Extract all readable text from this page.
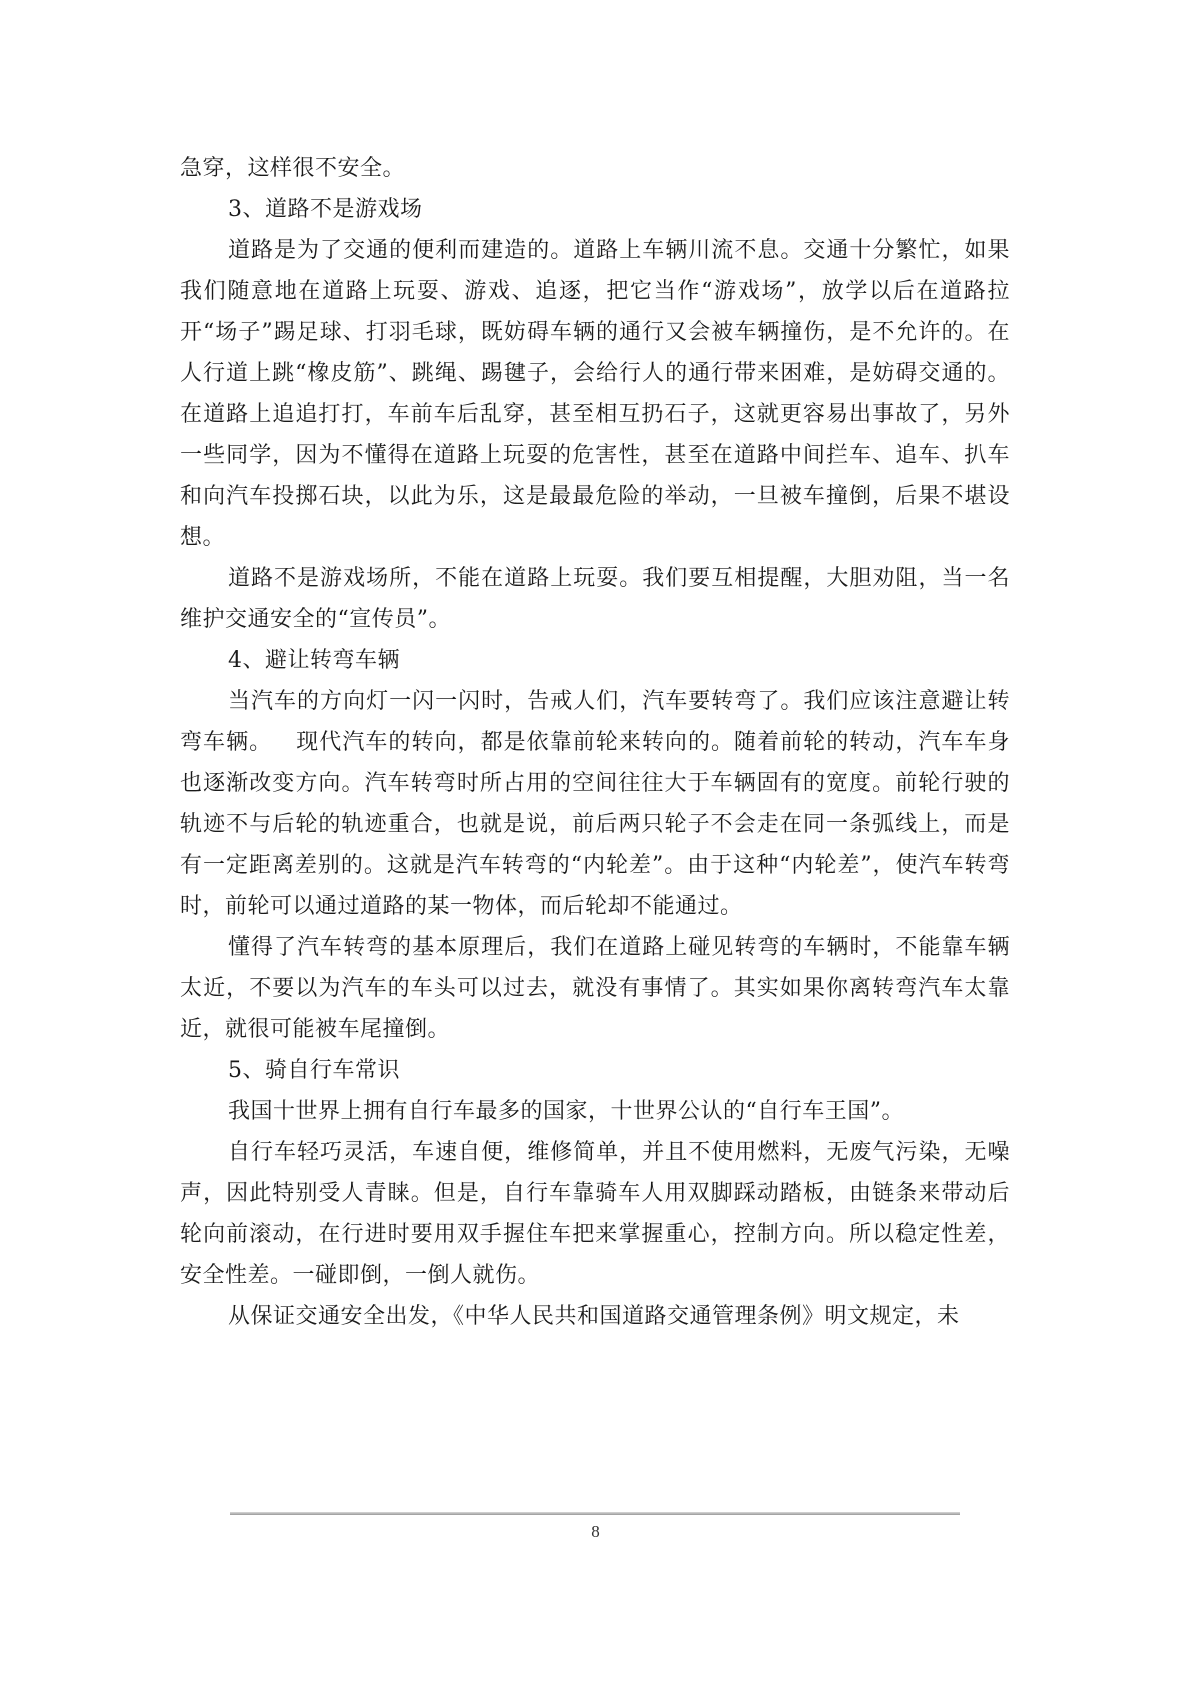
急穿，这样很不安全。

3、道路不是游戏场

道路是为了交通的便利而建造的。道路上车辆川流不息。交通十分繁忙，如果我们随意地在道路上玩耍、游戏、追逐，把它当作“游戏场”，放学以后在道路拉开“场子”踢足球、打羽毛球，既妨碍车辆的通行又会被车辆撞伤，是不允许的。在人行道上跳“橡皮筋”、跳绳、踢毽子，会给行人的通行带来困难，是妨碍交通的。在道路上追追打打，车前车后乱穿，甚至相互扔石子，这就更容易出事故了，另外一些同学，因为不懂得在道路上玩耍的危害性，甚至在道路中间拦车、追车、扒车和向汽车投掷石块，以此为乐，这是最最危险的举动，一旦被车撞倒，后果不堪设想。

道路不是游戏场所，不能在道路上玩耍。我们要互相提醒，大胆劝阻，当一名维护交通安全的“宣传员”。

4、避让转弯车辆

当汽车的方向灯一闪一闪时，告戒人们，汽车要转弯了。我们应该注意避让转弯车辆。   现代汽车的转向，都是依靠前轮来转向的。随着前轮的转动，汽车车身也逐渐改变方向。汽车转弯时所占用的空间往往大于车辆固有的宽度。前轮行驶的轨迹不与后轮的轨迹重合，也就是说，前后两只轮子不会走在同一条弧线上，而是有一定距离差别的。这就是汽车转弯的“内轮差”。由于这种“内轮差”，使汽车转弯时，前轮可以通过道路的某一物体，而后轮却不能通过。

懂得了汽车转弯的基本原理后，我们在道路上碰见转弯的车辆时，不能靠车辆太近，不要以为汽车的车头可以过去，就没有事情了。其实如果你离转弯汽车太靠近，就很可能被车尾撞倒。

5、骑自行车常识

我国十世界上拥有自行车最多的国家，十世界公认的“自行车王国”。

自行车轻巧灵活，车速自便，维修简单，并且不使用燃料，无废气污染，无噪声，因此特别受人青睐。但是，自行车靠骑车人用双脚踩动踏板，由链条来带动后轮向前滚动，在行进时要用双手握住车把来掌握重心，控制方向。所以稳定性差，安全性差。一碰即倒，一倒人就伤。

从保证交通安全出发，《中华人民共和国道路交通管理条例》明文规定，未

8
